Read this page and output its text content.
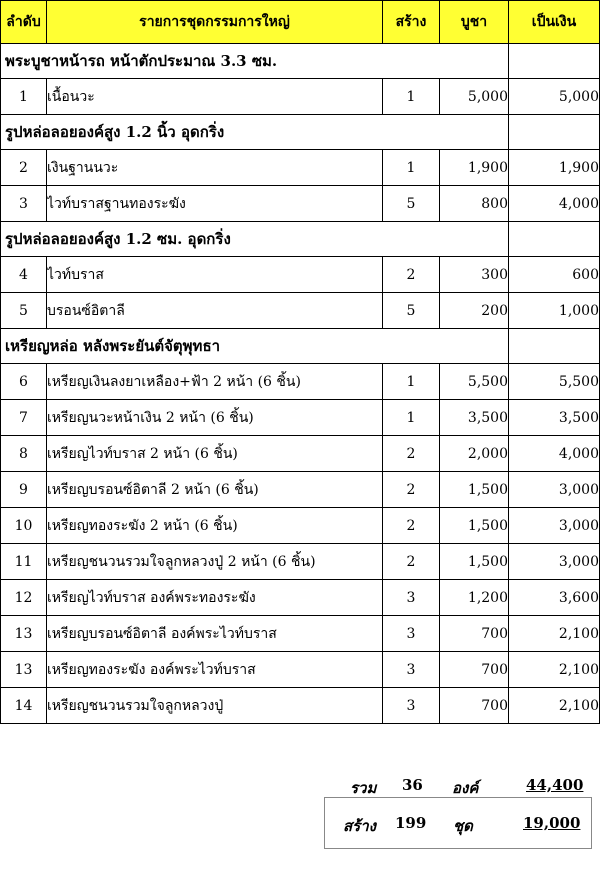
ลำดับ	รายการชุดกรรมการใหญ่	สร้าง	บูชา	เป็นเงิน
พระบูชาหน้ารถ หน้าตักประมาณ 3.3 ซม.				
1	เนื้อนวะ	1	5,000	5,000
รูปหล่อลอยองค์สูง 1.2 นิ้ว อุดกริ่ง				
2	เงินฐานนวะ	1	1,900	1,900
3	ไวท์บราสฐานทองระฆัง	5	800	4,000
รูปหล่อลอยองค์สูง 1.2 ซม. อุดกริ่ง				
4	ไวท์บราส	2	300	600
5	บรอนซ์อิตาลี	5	200	1,000
เหรียญหล่อ หลังพระยันต์จัตุพุทธา				
6	เหรียญเงินลงยาเหลือง+ฟ้า 2 หน้า (6 ชิ้น)	1	5,500	5,500
7	เหรียญนวะหน้าเงิน 2 หน้า (6 ชิ้น)	1	3,500	3,500
8	เหรียญไวท์บราส 2 หน้า (6 ชิ้น)	2	2,000	4,000
9	เหรียญบรอนซ์อิตาลี 2 หน้า (6 ชิ้น)	2	1,500	3,000
10	เหรียญทองระฆัง 2 หน้า (6 ชิ้น)	2	1,500	3,000
11	เหรียญชนวนรวมใจลูกหลวงปู่ 2 หน้า (6 ชิ้น)	2	1,500	3,000
12	เหรียญไวท์บราส องค์พระทองระฆัง	3	1,200	3,600
13	เหรียญบรอนซ์อิตาลี องค์พระไวท์บราส	3	700	2,100
13	เหรียญทองระฆัง องค์พระไวท์บราส	3	700	2,100
14	เหรียญชนวนรวมใจลูกหลวงปู่	3	700	2,100
รวม 36 องค์	44,400
สร้าง 199 ชุด	19,000
